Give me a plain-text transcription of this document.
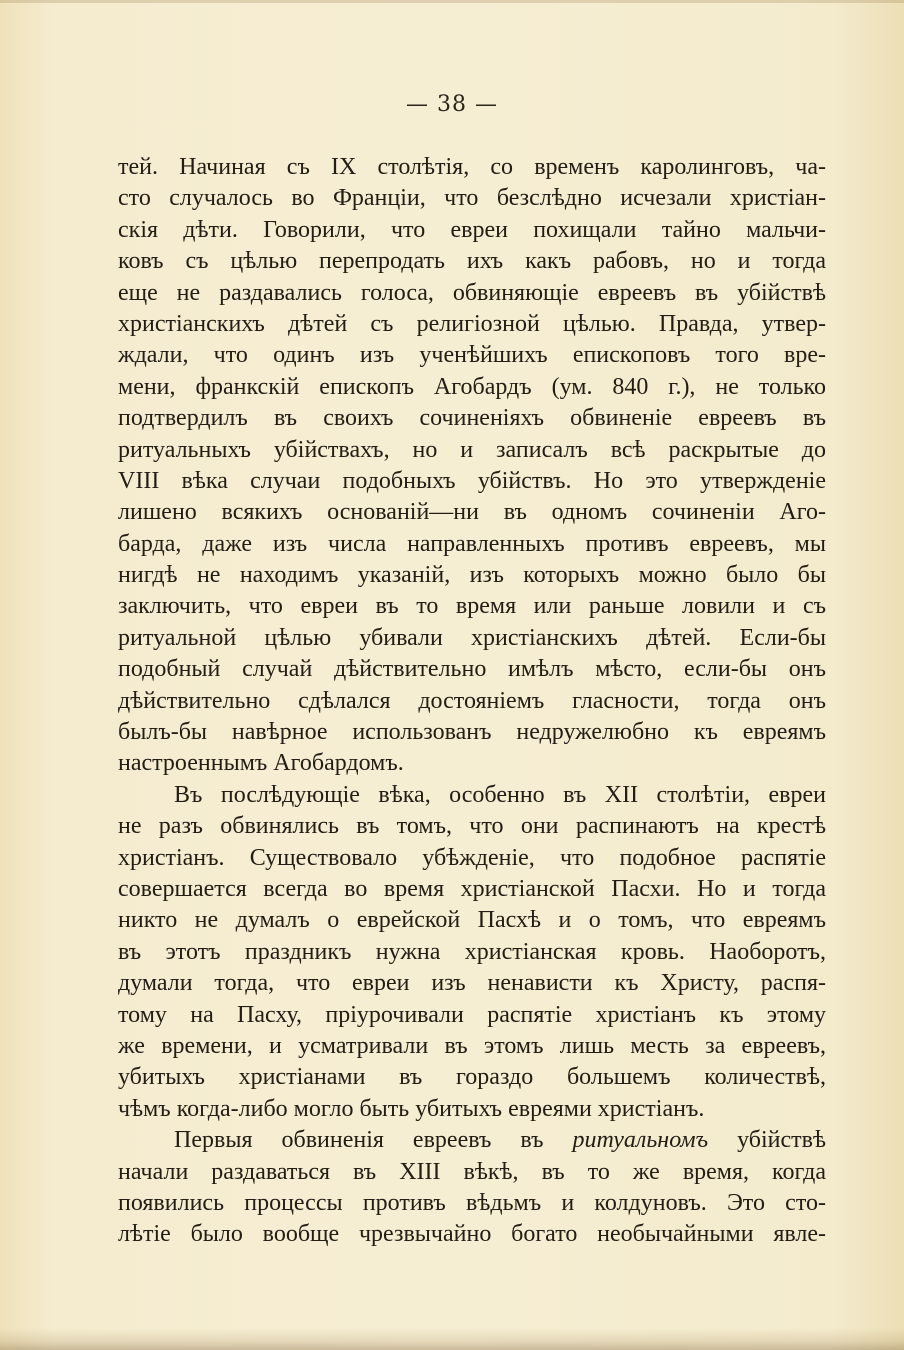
— 38 —
тей. Начиная съ IX столѣтія, со временъ каролинговъ, ча-
сто случалось во Франціи, что безслѣдно исчезали христіан-
скія дѣти. Говорили, что евреи похищали тайно мальчи-
ковъ съ цѣлью перепродать ихъ какъ рабовъ, но и тогда
еще не раздавались голоса, обвиняющіе евреевъ въ убійствѣ
христіанскихъ дѣтей съ религіозной цѣлью. Правда, утвер-
ждали, что одинъ изъ ученѣйшихъ епископовъ того вре-
мени, франкскій епископъ Агобардъ (ум. 840 г.), не только
подтвердилъ въ своихъ сочиненіяхъ обвиненіе евреевъ въ
ритуальныхъ убійствахъ, но и записалъ всѣ раскрытые до
VIII вѣка случаи подобныхъ убійствъ. Но это утвержденіе
лишено всякихъ основаній—ни въ одномъ сочиненіи Аго-
барда, даже изъ числа направленныхъ противъ евреевъ, мы
нигдѣ не находимъ указаній, изъ которыхъ можно было бы
заключить, что евреи въ то время или раньше ловили и съ
ритуальной цѣлью убивали христіанскихъ дѣтей. Если-бы
подобный случай дѣйствительно имѣлъ мѣсто, если-бы онъ
дѣйствительно сдѣлался достояніемъ гласности, тогда онъ
былъ-бы навѣрное использованъ недружелюбно къ евреямъ
настроеннымъ Агобардомъ.
Въ послѣдующіе вѣка, особенно въ XII столѣтіи, евреи
не разъ обвинялись въ томъ, что они распинаютъ на крестѣ
христіанъ. Существовало убѣжденіе, что подобное распятіе
совершается всегда во время христіанской Пасхи. Но и тогда
никто не думалъ о еврейской Пасхѣ и о томъ, что евреямъ
въ этотъ праздникъ нужна христіанская кровь. Наоборотъ,
думали тогда, что евреи изъ ненависти къ Христу, распя-
тому на Пасху, пріурочивали распятіе христіанъ къ этому
же времени, и усматривали въ этомъ лишь месть за евреевъ,
убитыхъ христіанами въ гораздо большемъ количествѣ,
чѣмъ когда-либо могло быть убитыхъ евреями христіанъ.
Первыя обвиненія евреевъ въ ритуальномъ убійствѣ
начали раздаваться въ XIII вѣкѣ, въ то же время, когда
появились процессы противъ вѣдьмъ и колдуновъ. Это сто-
лѣтіе было вообще чрезвычайно богато необычайными явле-
